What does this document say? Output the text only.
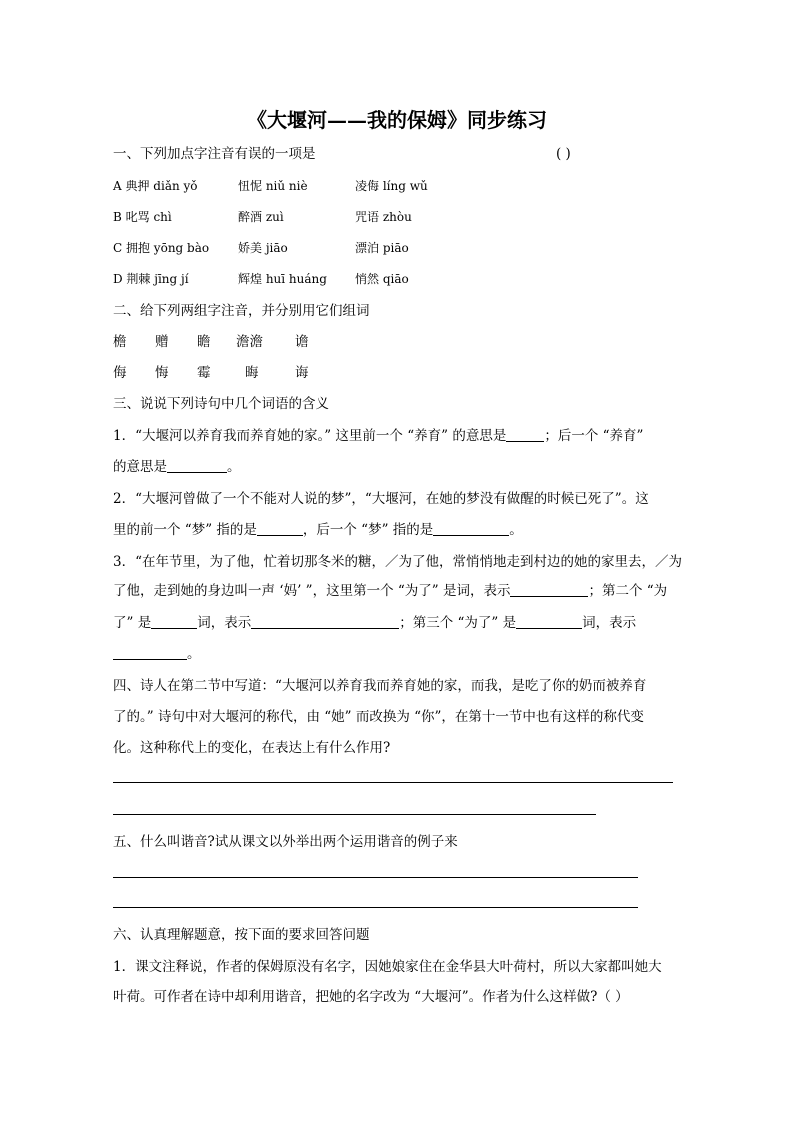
《大堰河——我的保姆》同步练习
一、下列加点字注音有误的一项是	( )
A 典押 diǎn yǒ	忸怩 niǔ niè	凌侮 líng wǔ
B 叱骂 chì	醉酒 zuì	咒语 zhòu
C 拥抱 yōng bào 娇美 jiāo	漂泊 piāo
D 荆棘 jīng jí	辉煌 huī huáng 悄然 qiāo
二、给下列两组字注音，并分别用它们组词
檐 赠 瞻 澹澹 谵
侮 悔 霉	晦	诲
三、说说下列诗句中几个词语的含义
1．“大堰河以养育我而养育她的家。” 这里前一个 “养育” 的意思是	；后一个 “养育”
的意思是	。
2．“大堰河曾做了一个不能对人说的梦”，“大堰河，在她的梦没有做醒的时候已死了”。这
里的前一个 “梦” 指的是	，后一个 “梦” 指的是	。
3．“在年节里，为了他，忙着切那冬米的糖，／为了他，常悄悄地走到村边的她的家里去，／为
了他，走到她的身边叫一声 ‘妈’ ”，这里第一个 “为了” 是词，表示	；第二个 “为
了” 是	词，表示	；第三个 “为了” 是	词，表示
。
四、诗人在第二节中写道：“大堰河以养育我而养育她的家，而我，是吃了你的奶而被养育
了的。” 诗句中对大堰河的称代，由 “她” 而改换为 “你”，在第十一节中也有这样的称代变
化。这种称代上的变化，在表达上有什么作用?
五、什么叫谐音?试从课文以外举出两个运用谐音的例子来
六、认真理解题意，按下面的要求回答问题
1．课文注释说，作者的保姆原没有名字，因她娘家住在金华县大叶荷村，所以大家都叫她大
叶荷。可作者在诗中却利用谐音，把她的名字改为 “大堰河”。作者为什么这样做?（ ）
